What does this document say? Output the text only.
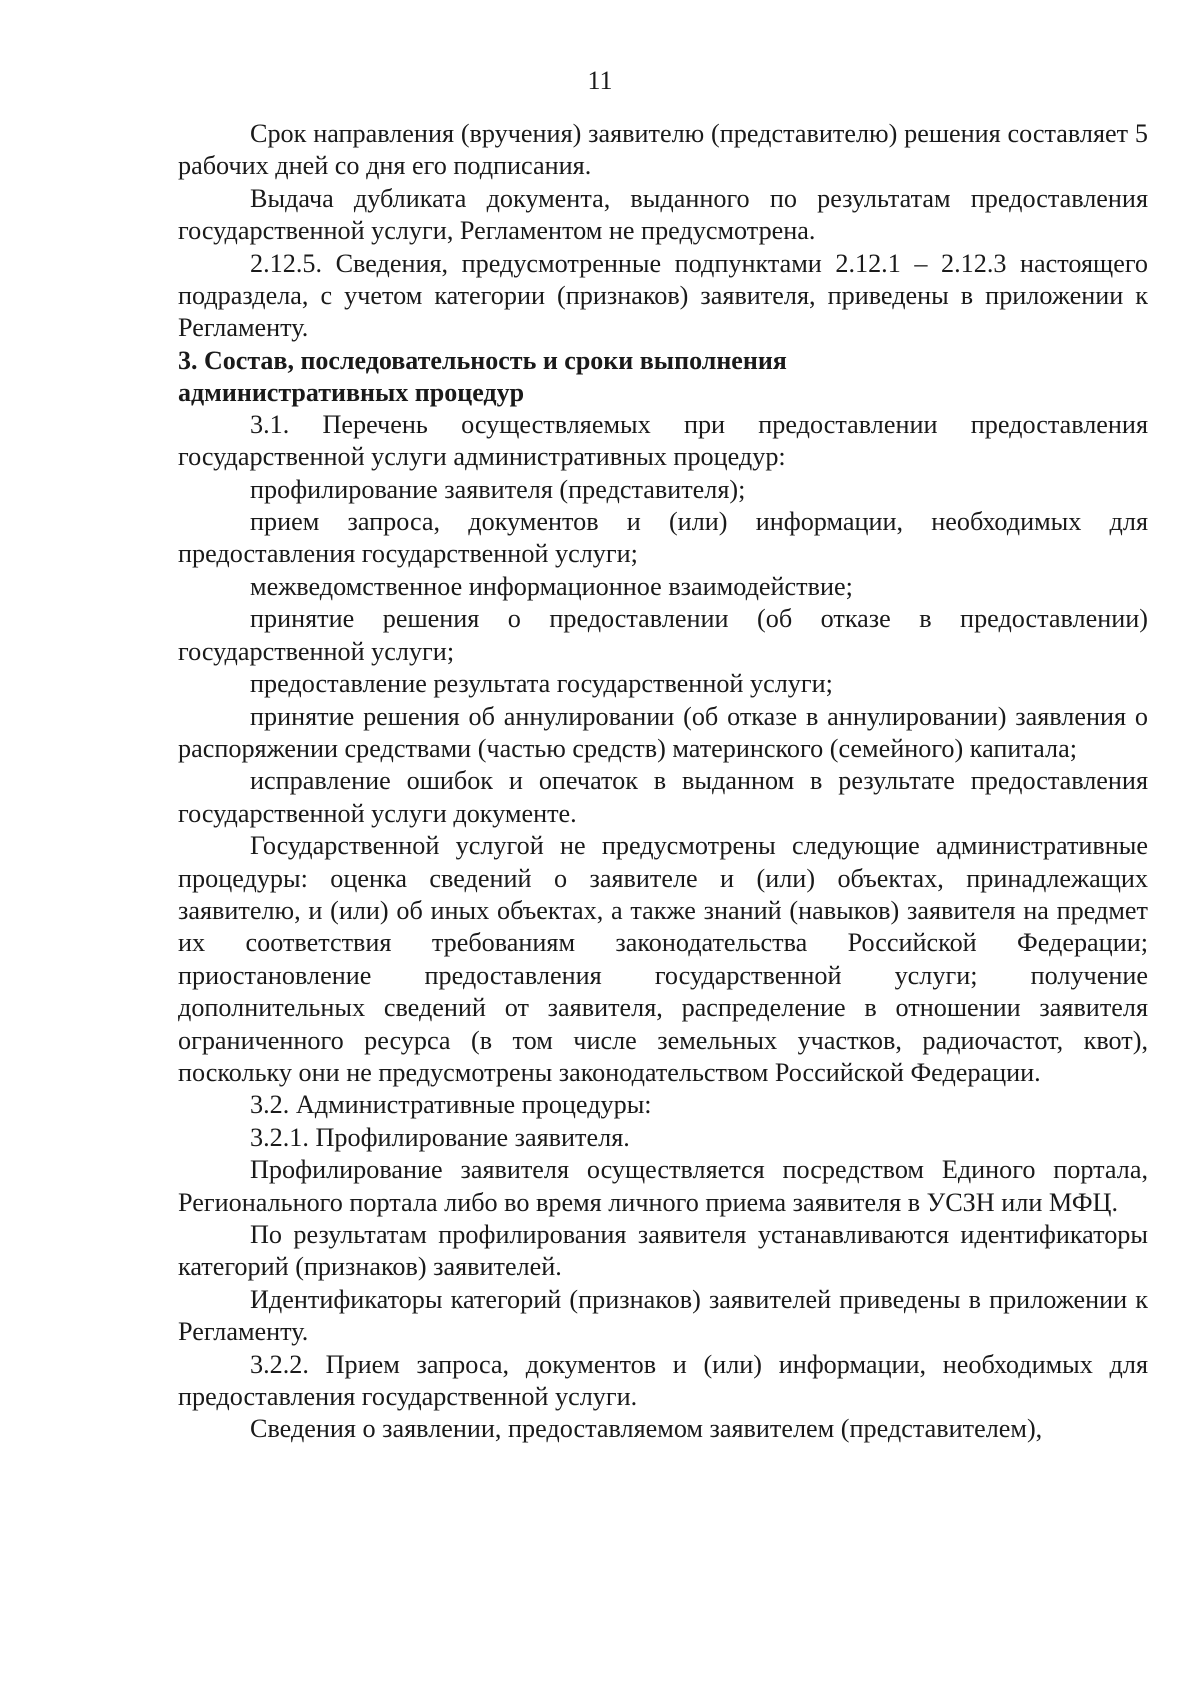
11

Срок направления (вручения) заявителю (представителю) решения составляет 5 рабочих дней со дня его подписания.

Выдача дубликата документа, выданного по результатам предоставления государственной услуги, Регламентом не предусмотрена.

2.12.5. Сведения, предусмотренные подпунктами 2.12.1 – 2.12.3 настоящего подраздела, с учетом категории (признаков) заявителя, приведены в приложении к Регламенту.

3. Состав, последовательность и сроки выполнения
административных процедур

3.1. Перечень осуществляемых при предоставлении предоставления государственной услуги административных процедур:

профилирование заявителя (представителя);

прием запроса, документов и (или) информации, необходимых для предоставления государственной услуги;

межведомственное информационное взаимодействие;

принятие решения о предоставлении (об отказе в предоставлении) государственной услуги;

предоставление результата государственной услуги;

принятие решения об аннулировании (об отказе в аннулировании) заявления о распоряжении средствами (частью средств) материнского (семейного) капитала;

исправление ошибок и опечаток в выданном в результате предоставления государственной услуги документе.

Государственной услугой не предусмотрены следующие административные процедуры: оценка сведений о заявителе и (или) объектах, принадлежащих заявителю, и (или) об иных объектах, а также знаний (навыков) заявителя на предмет их соответствия требованиям законодательства Российской Федерации; приостановление предоставления государственной услуги; получение дополнительных сведений от заявителя, распределение в отношении заявителя ограниченного ресурса (в том числе земельных участков, радиочастот, квот), поскольку они не предусмотрены законодательством Российской Федерации.

3.2. Административные процедуры:

3.2.1. Профилирование заявителя.

Профилирование заявителя осуществляется посредством Единого портала, Регионального портала либо во время личного приема заявителя в УСЗН или МФЦ.

По результатам профилирования заявителя устанавливаются идентификаторы категорий (признаков) заявителей.

Идентификаторы категорий (признаков) заявителей приведены в приложении к Регламенту.

3.2.2. Прием запроса, документов и (или) информации, необходимых для предоставления государственной услуги.

Сведения о заявлении, предоставляемом заявителем (представителем),
